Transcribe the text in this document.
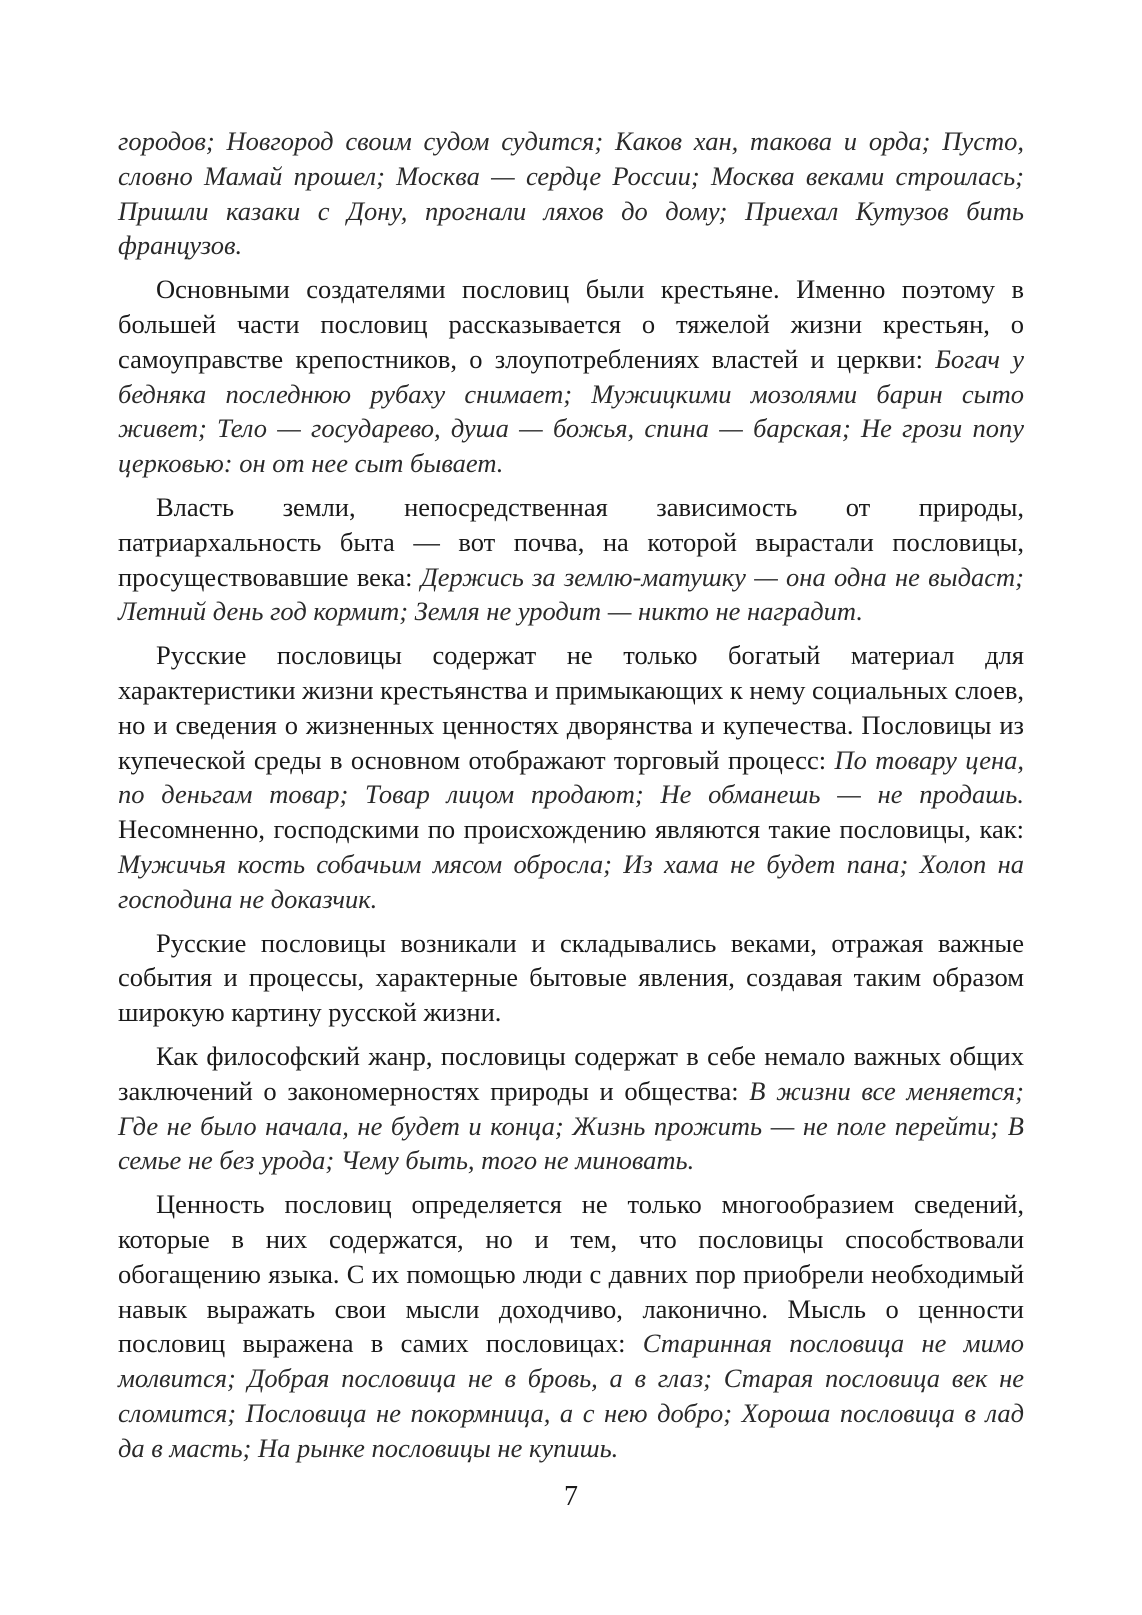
городов; Новгород своим судом судится; Каков хан, такова и орда; Пусто, словно Мамай прошел; Москва — сердце России; Москва веками строилась; Пришли казаки с Дону, прогнали ляхов до дому; Приехал Кутузов бить французов.

Основными создателями пословиц были крестьяне. Именно поэтому в большей части пословиц рассказывается о тяжелой жизни крестьян, о самоуправстве крепостников, о злоупотреблениях властей и церкви: Богач у бедняка последнюю рубаху снимает; Мужицкими мозолями барин сыто живет; Тело — государево, душа — божья, спина — барская; Не грози попу церковью: он от нее сыт бывает.

Власть земли, непосредственная зависимость от природы, патриархальность быта — вот почва, на которой вырастали пословицы, просуществовавшие века: Держись за землю-матушку — она одна не выдаст; Летний день год кормит; Земля не уродит — никто не наградит.

Русские пословицы содержат не только богатый материал для характеристики жизни крестьянства и примыкающих к нему социальных слоев, но и сведения о жизненных ценностях дворянства и купечества. Пословицы из купеческой среды в основном отображают торговый процесс: По товару цена, по деньгам товар; Товар лицом продают; Не обманешь — не продашь. Несомненно, господскими по происхождению являются такие пословицы, как: Мужичья кость собачьим мясом обросла; Из хама не будет пана; Холоп на господина не доказчик.

Русские пословицы возникали и складывались веками, отражая важные события и процессы, характерные бытовые явления, создавая таким образом широкую картину русской жизни.

Как философский жанр, пословицы содержат в себе немало важных общих заключений о закономерностях природы и общества: В жизни все меняется; Где не было начала, не будет и конца; Жизнь прожить — не поле перейти; В семье не без урода; Чему быть, того не миновать.

Ценность пословиц определяется не только многообразием сведений, которые в них содержатся, но и тем, что пословицы способствовали обогащению языка. С их помощью люди с давних пор приобрели необходимый навык выражать свои мысли доходчиво, лаконично. Мысль о ценности пословиц выражена в самих пословицах: Старинная пословица не мимо молвится; Добрая пословица не в бровь, а в глаз; Старая пословица век не сломится; Пословица не покормница, а с нею добро; Хороша пословица в лад да в масть; На рынке пословицы не купишь.

7
